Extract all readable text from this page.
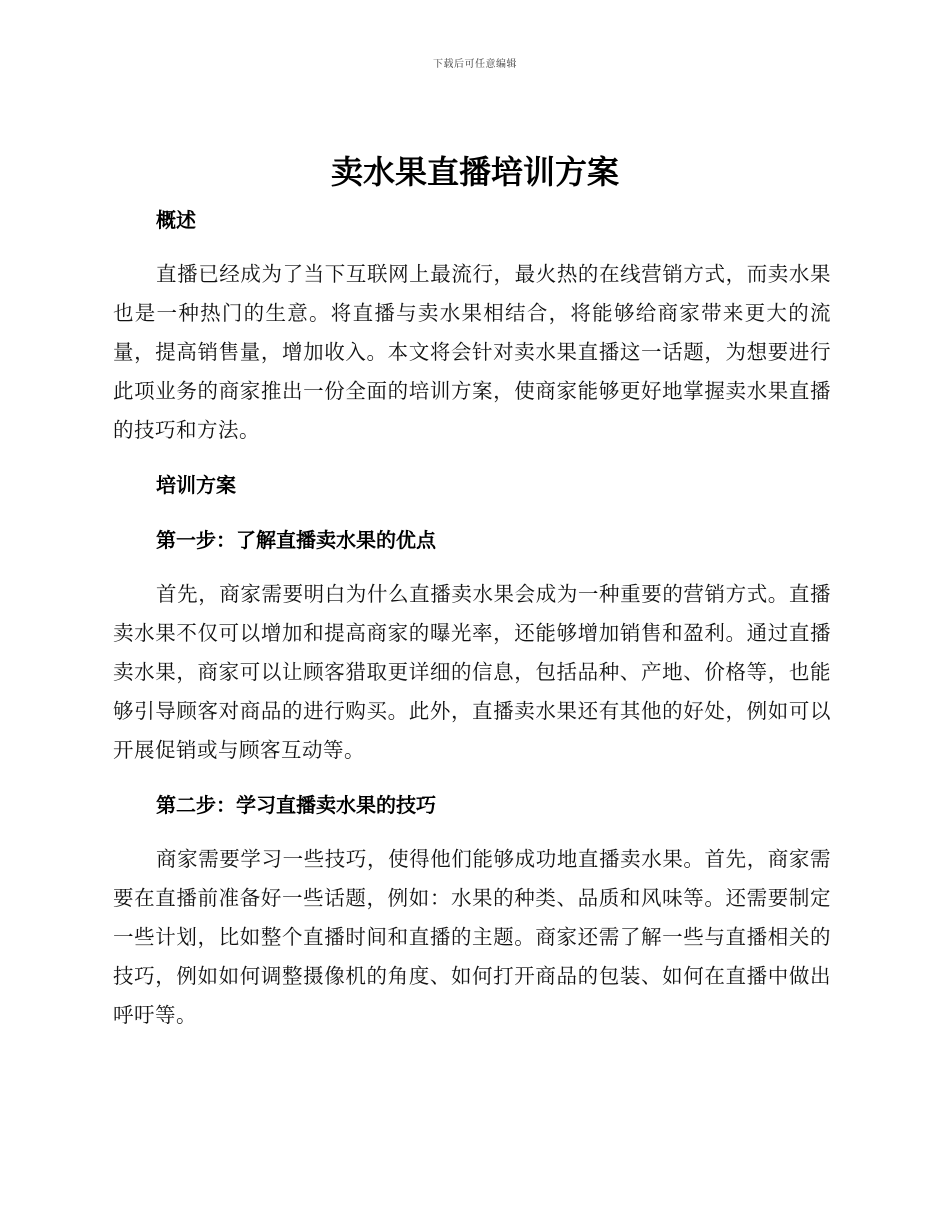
下载后可任意编辑
卖水果直播培训方案
概述

直播已经成为了当下互联网上最流行，最火热的在线营销方式，而卖水果也是一种热门的生意。将直播与卖水果相结合，将能够给商家带来更大的流量，提高销售量，增加收入。本文将会针对卖水果直播这一话题，为想要进行此项业务的商家推出一份全面的培训方案，使商家能够更好地掌握卖水果直播的技巧和方法。

培训方案
第一步：了解直播卖水果的优点

首先，商家需要明白为什么直播卖水果会成为一种重要的营销方式。直播卖水果不仅可以增加和提高商家的曝光率，还能够增加销售和盈利。通过直播卖水果，商家可以让顾客猎取更详细的信息，包括品种、产地、价格等，也能够引导顾客对商品的进行购买。此外，直播卖水果还有其他的好处，例如可以开展促销或与顾客互动等。

第二步：学习直播卖水果的技巧

商家需要学习一些技巧，使得他们能够成功地直播卖水果。首先，商家需要在直播前准备好一些话题，例如：水果的种类、品质和风味等。还需要制定一些计划，比如整个直播时间和直播的主题。商家还需了解一些与直播相关的技巧，例如如何调整摄像机的角度、如何打开商品的包装、如何在直播中做出呼吁等。
